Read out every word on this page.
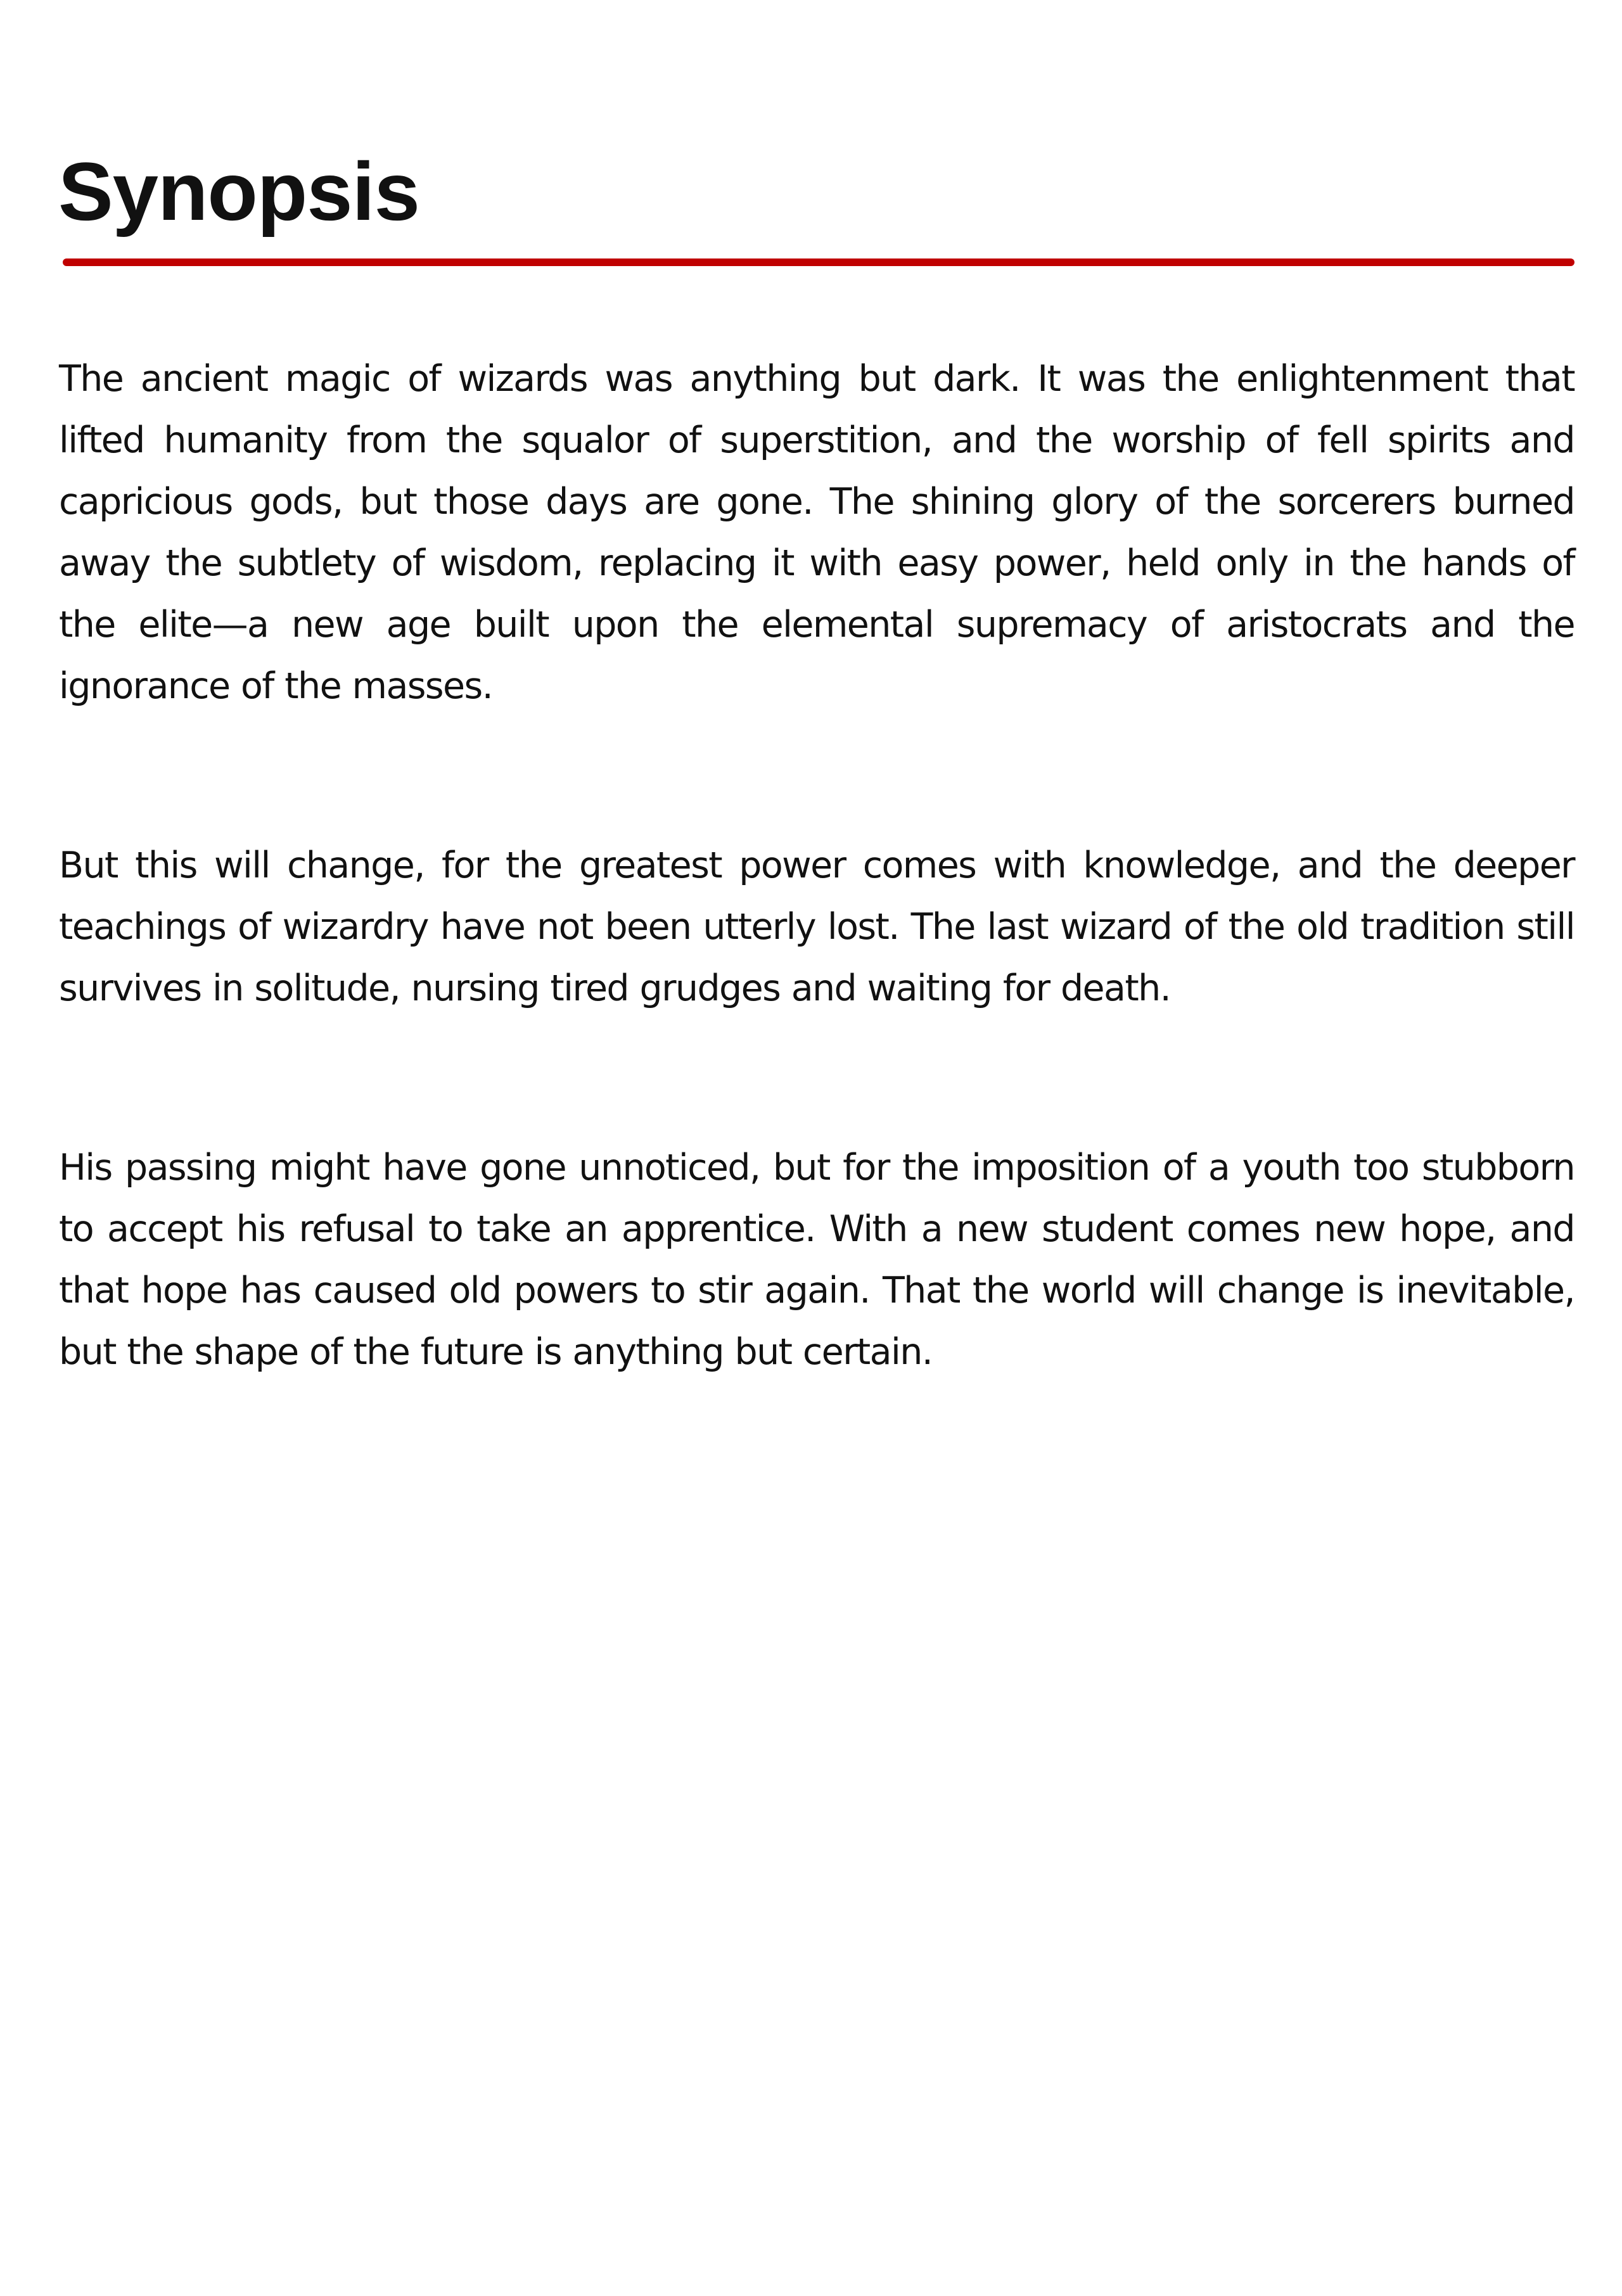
Synopsis

The ancient magic of wizards was anything but dark. It was the enlightenment that lifted humanity from the squalor of superstition, and the worship of fell spirits and capricious gods, but those days are gone. The shining glory of the sorcerers burned away the subtlety of wisdom, replacing it with easy power, held only in the hands of the elite—a new age built upon the elemental supremacy of aristocrats and the ignorance of the masses.

But this will change, for the greatest power comes with knowledge, and the deeper teachings of wizardry have not been utterly lost. The last wizard of the old tradition still survives in solitude, nursing tired grudges and waiting for death.

His passing might have gone unnoticed, but for the imposition of a youth too stubborn to accept his refusal to take an apprentice. With a new student comes new hope, and that hope has caused old powers to stir again. That the world will change is inevitable, but the shape of the future is anything but certain.
